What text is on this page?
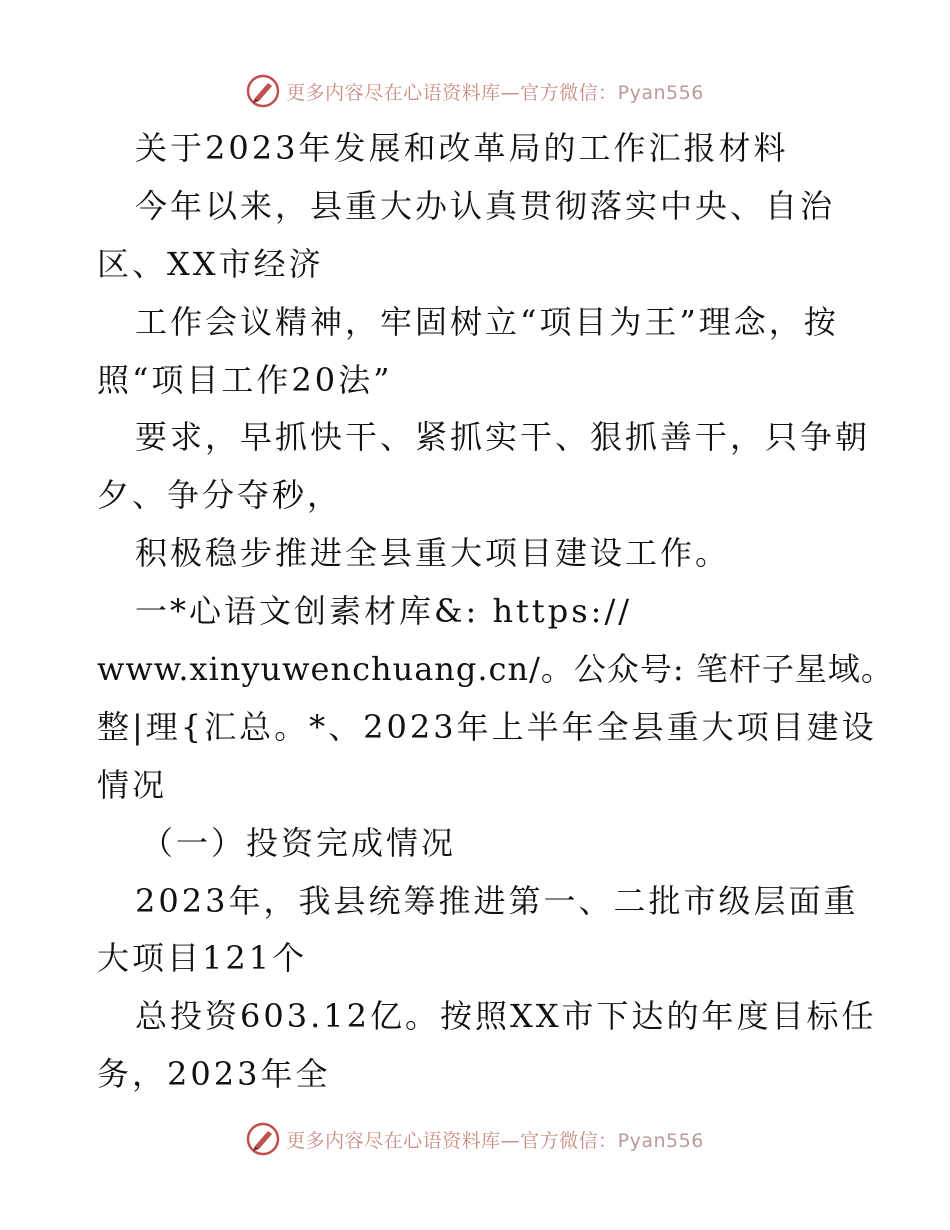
更多内容尽在心语资料库—官方微信：Pyan556
关于2023年发展和改革局的工作汇报材料
今年以来，县重大办认真贯彻落实中央、自治
区、XX市经济
工作会议精神，牢固树立“项目为王”理念，按
照“项目工作20法”
要求，早抓快干、紧抓实干、狠抓善干，只争朝
夕、争分夺秒，
积极稳步推进全县重大项目建设工作。
一*心语文创素材库&: https://
www.xinyuwenchuang.cn/。公众号: 笔杆子星域。
整|理{汇总。*、2023年上半年全县重大项目建设
情况
（一）投资完成情况
2023年，我县统筹推进第一、二批市级层面重
大项目121个
总投资603.12亿。按照XX市下达的年度目标任
务，2023年全
更多内容尽在心语资料库—官方微信：Pyan556
